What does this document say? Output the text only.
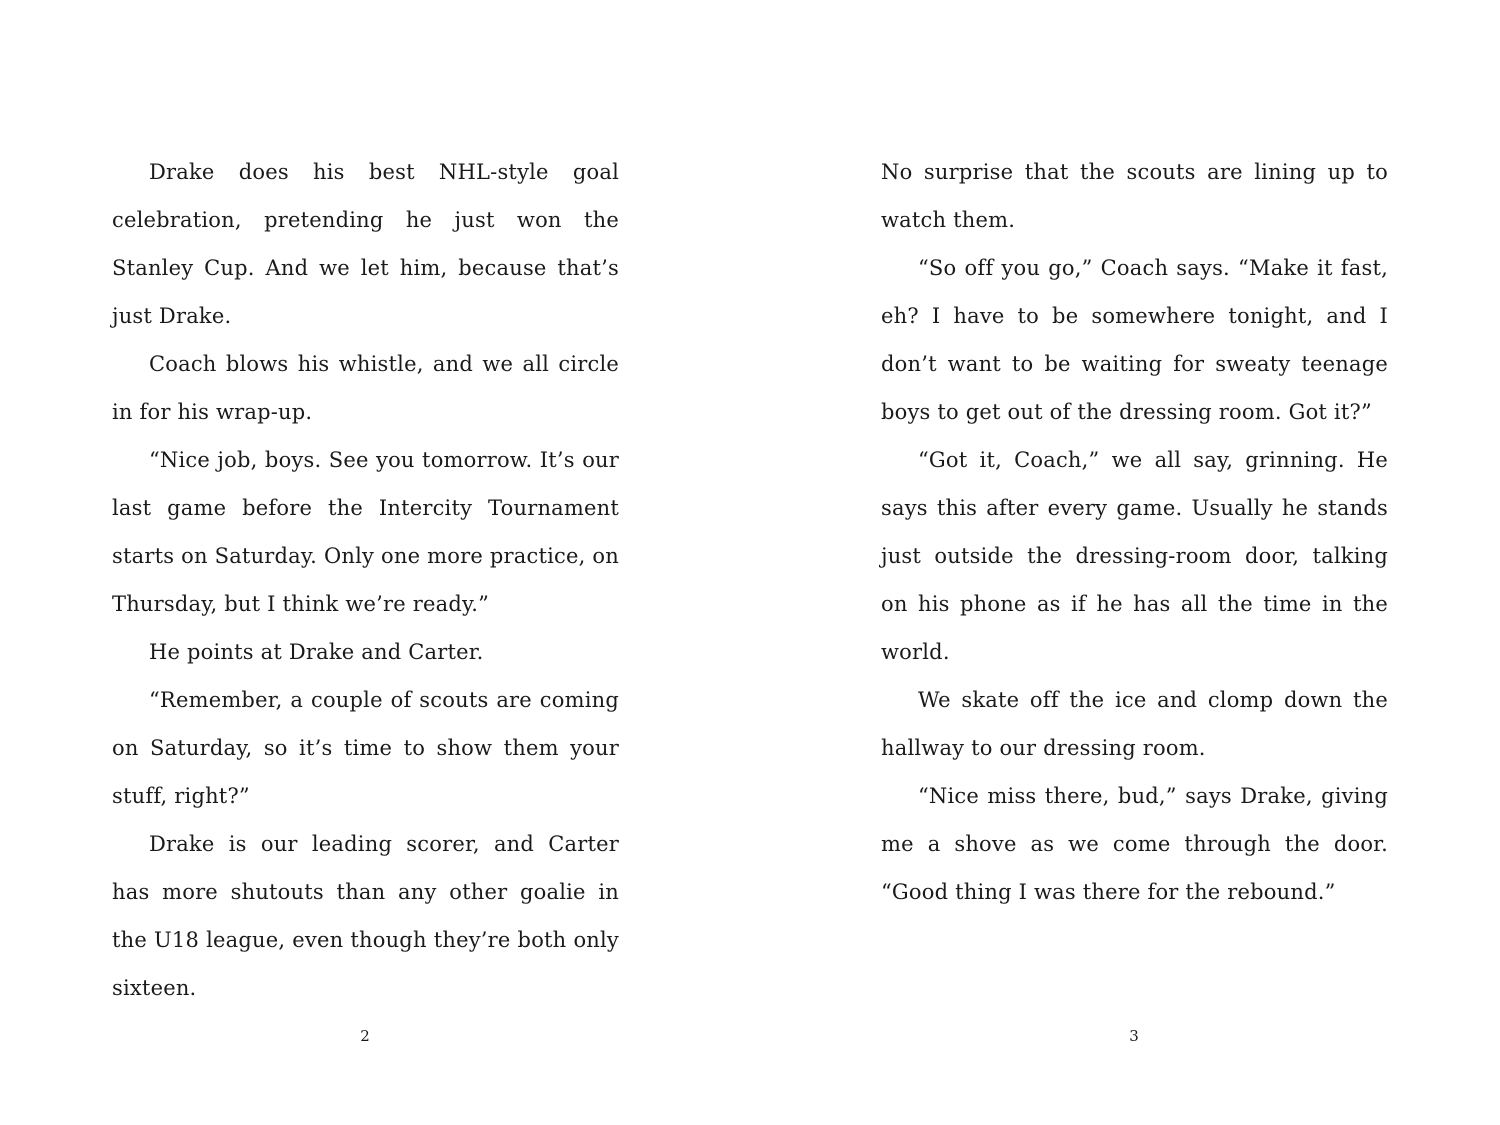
Drake does his best NHL-style goal celebration, pretending he just won the Stanley Cup. And we let him, because that’s just Drake.

Coach blows his whistle, and we all circle in for his wrap-up.

“Nice job, boys. See you tomorrow. It’s our last game before the Intercity Tournament starts on Saturday. Only one more practice, on Thursday, but I think we’re ready.”

He points at Drake and Carter.

“Remember, a couple of scouts are coming on Saturday, so it’s time to show them your stuff, right?”

Drake is our leading scorer, and Carter has more shutouts than any other goalie in the U18 league, even though they’re both only sixteen.

2

No surprise that the scouts are lining up to watch them.

“So off you go,” Coach says. “Make it fast, eh? I have to be somewhere tonight, and I don’t want to be waiting for sweaty teenage boys to get out of the dressing room. Got it?”

“Got it, Coach,” we all say, grinning. He says this after every game. Usually he stands just outside the dressing-room door, talking on his phone as if he has all the time in the world.

We skate off the ice and clomp down the hallway to our dressing room.

“Nice miss there, bud,” says Drake, giving me a shove as we come through the door. “Good thing I was there for the rebound.”

3
